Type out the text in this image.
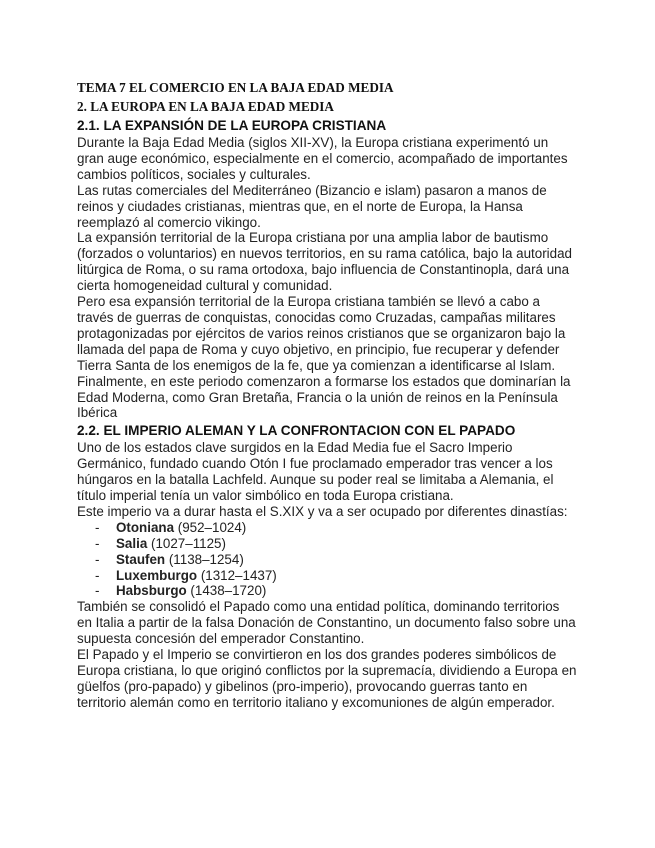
TEMA 7 EL COMERCIO EN LA BAJA EDAD MEDIA
2. LA EUROPA EN LA BAJA EDAD MEDIA
2.1. LA EXPANSIÓN DE LA EUROPA CRISTIANA

Durante la Baja Edad Media (siglos XII-XV), la Europa cristiana experimentó un gran auge económico, especialmente en el comercio, acompañado de importantes cambios políticos, sociales y culturales.

Las rutas comerciales del Mediterráneo (Bizancio e islam) pasaron a manos de reinos y ciudades cristianas, mientras que, en el norte de Europa, la Hansa reemplazó al comercio vikingo.

La expansión territorial de la Europa cristiana por una amplia labor de bautismo (forzados o voluntarios) en nuevos territorios, en su rama católica, bajo la autoridad litúrgica de Roma, o su rama ortodoxa, bajo influencia de Constantinopla, dará una cierta homogeneidad cultural y comunidad.

Pero esa expansión territorial de la Europa cristiana también se llevó a cabo a través de guerras de conquistas, conocidas como Cruzadas, campañas militares protagonizadas por ejércitos de varios reinos cristianos que se organizaron bajo la llamada del papa de Roma y cuyo objetivo, en principio, fue recuperar y defender Tierra Santa de los enemigos de la fe, que ya comienzan a identificarse al Islam.

Finalmente, en este periodo comenzaron a formarse los estados que dominarían la Edad Moderna, como Gran Bretaña, Francia o la unión de reinos en la Península Ibérica

2.2. EL IMPERIO ALEMAN Y LA CONFRONTACION CON EL PAPADO

Uno de los estados clave surgidos en la Edad Media fue el Sacro Imperio Germánico, fundado cuando Otón I fue proclamado emperador tras vencer a los húngaros en la batalla Lachfeld. Aunque su poder real se limitaba a Alemania, el título imperial tenía un valor simbólico en toda Europa cristiana.

Este imperio va a durar hasta el S.XIX y va a ser ocupado por diferentes dinastías:

- Otoniana (952–1024)
- Salia (1027–1125)
- Staufen (1138–1254)
- Luxemburgo (1312–1437)
- Habsburgo (1438–1720)

También se consolidó el Papado como una entidad política, dominando territorios en Italia a partir de la falsa Donación de Constantino, un documento falso sobre una supuesta concesión del emperador Constantino.

El Papado y el Imperio se convirtieron en los dos grandes poderes simbólicos de Europa cristiana, lo que originó conflictos por la supremacía, dividiendo a Europa en güelfos (pro-papado) y gibelinos (pro-imperio), provocando guerras tanto en territorio alemán como en territorio italiano y excomuniones de algún emperador.
